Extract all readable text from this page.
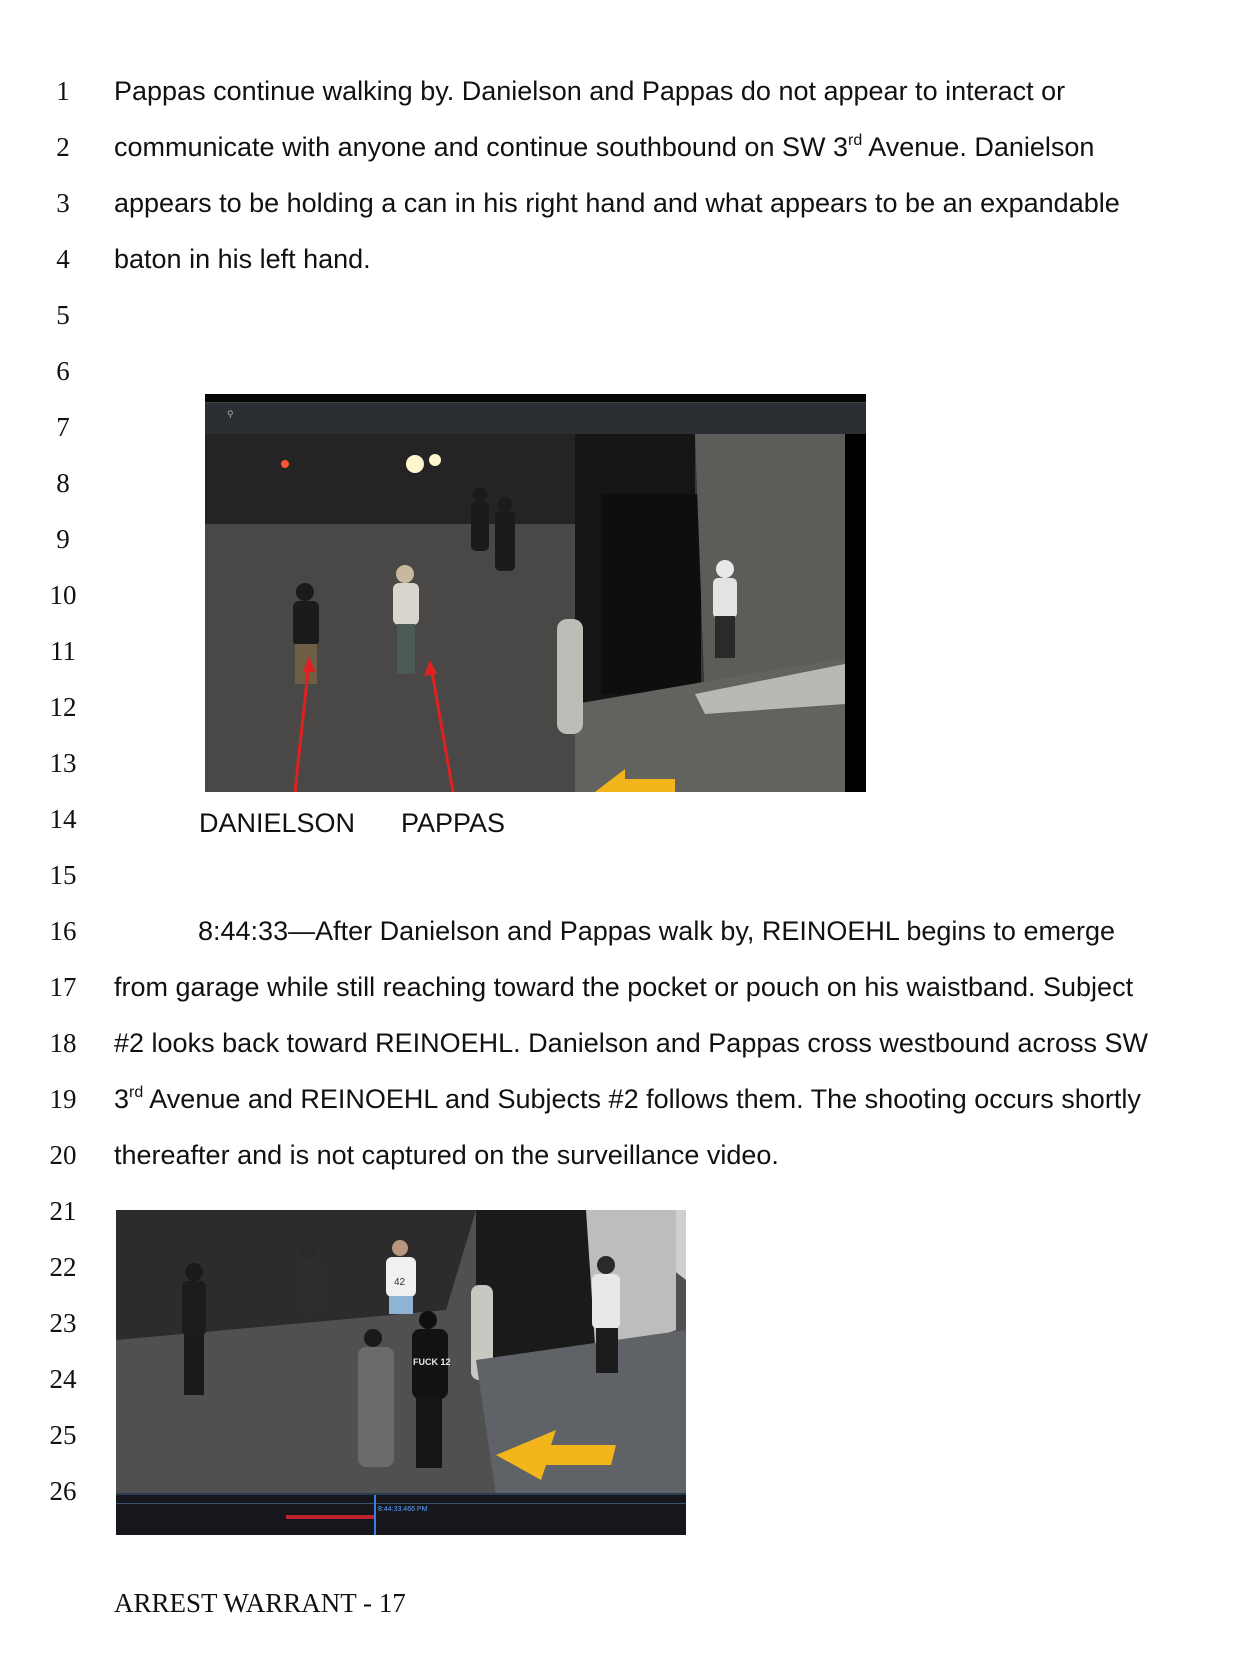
1
2
3
4
5
6
7
8
9
10
11
12
13
14
15
16
17
18
19
20
21
22
23
24
25
26
Pappas continue walking by. Danielson and Pappas do not appear to interact or
communicate with anyone and continue southbound on SW 3rd Avenue. Danielson
appears to be holding a can in his right hand and what appears to be an expandable
baton in his left hand.
8:44:33—After Danielson and Pappas walk by, REINOEHL begins to emerge
from garage while still reaching toward the pocket or pouch on his waistband. Subject
#2 looks back toward REINOEHL. Danielson and Pappas cross westbound across SW
3rd Avenue and REINOEHL and Subjects #2 follows them. The shooting occurs shortly
thereafter and is not captured on the surveillance video.
⚲
DANIELSON PAPPAS
FUCK 12
42
8:44:33.466 PM
ARREST WARRANT - 17
